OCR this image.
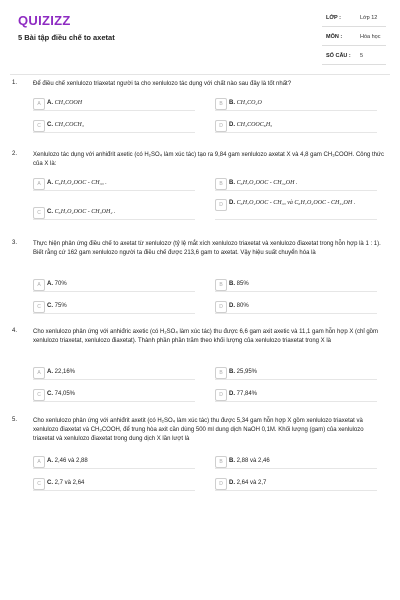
QUIZIZZ
5 Bài tập điều chế to axetat
LỚP :	Lớp 12
MÔN :	Hóa học
SỐ CÂU : 5
1.	Để điều chế xenlulozo triaxetat người ta cho xenlulozo tác dụng với chất nào sau đây là tốt nhất?
A	A. CH₃COOH	B	B. CH₃CO₂O
C	C. CH₃COCH₃	D	D. CH₃COOC₆H₅
2.	Xenlulozo tác dụng với anhiđrit axetic (có H₂SO₄ làm xúc tác) tạo ra 9,84 gam xenlulozo axetat X và 4,8 gam CH₃COOH. Công thức của X là:
A	A. C₆H₇O₂OOC - CH₃₃ .	B	B. C₆H₇O₂OOC - CH₃₂OH .
C	C. C₆H₇O₂OOC - CH₃OH₂ .
D	D. C₆H₇O₂OOC - CH₃₃ và C₆H₇O₂OOC - CH₃₂OH .
3.	Thực hiện phản ứng điều chế to axetat từ xenlulozơ (tỷ lệ mắt xích xenlulozo triaxetat và xenlulozo điaxetat trong hỗn hợp là 1 : 1). Biết rằng cứ 162 gam xenlulozo người ta điều chế được 213,6 gam to axetat. Vậy hiệu suất chuyển hóa là
A	A. 70%	B	B. 85%
C	C. 75%	D	D. 80%
4.	Cho xenlulozo phản ứng với anhiđric axetic (có H₂SO₄ làm xúc tác) thu được 6,6 gam axit axetic và 11,1 gam hỗn hợp X (chỉ gồm xenlulozo triaxetat, xenlulozo điaxetat). Thành phần phần trăm theo khối lượng của xenlulozo triaxetat trong X là
A	A. 22,16%	B	B. 25,95%
C	C. 74,05%	D	D. 77,84%
5.	Cho xenlulozo phản ứng với anhiđrit axetit (có H₂SO₄ làm xúc tác) thu được 5,34 gam hỗn hợp X gồm xenlulozo triaxetat và xenlulozo điaxetat và CH₃COOH, để trung hòa axit cần dùng 500 ml dung dịch NaOH 0,1M. Khối lượng (gam) của xenlulozo triaxetat và xenlulozo điaxetat trong dung dịch X lần lượt là
A	A. 2,46 và 2,88	B	B. 2,88 và 2,46
C	C. 2,7 và 2,64	D	D. 2,64 và 2,7
